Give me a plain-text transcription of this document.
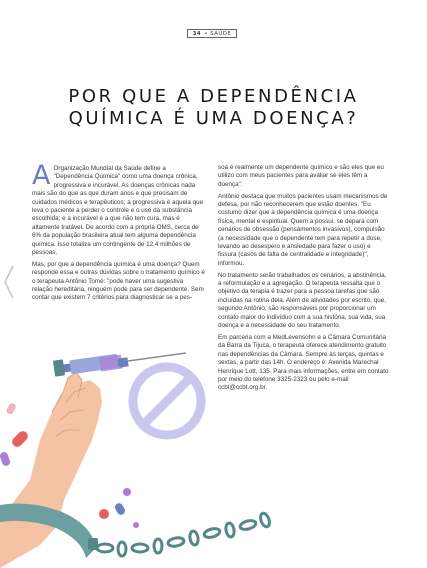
34 • SAÚDE
POR QUE A DEPENDÊNCIA
QUÍMICA É UMA DOENÇA?

A Organização Mundial da Saúde define a "Dependência Química" como uma doença crônica, progressiva e incurável. As doenças crônicas nada mais são do que as que duram anos e que precisam de cuidados médicos e terapêuticos; a progressiva é aquela que leva o paciente a perder o controle e o uso da substância escolhida; e a incurável é a que não tem cura, mas é altamente tratável. De acordo com a própria OMS, cerca de 6% da população brasileira atual tem alguma dependência química. Isso totaliza um contingente de 12,4 milhões de pessoas.

Mas, por que a dependência química é uma doença? Quem responde essa e outras dúvidas sobre o tratamento químico é o terapeuta Antônio Tomé: "pode haver uma sugestiva relação hereditária, ninguém pode para ser dependente. Sem contar que existem 7 critérios para diagnosticar se a pes-

soa é realmente um dependente químico e são eles que eu utilizo com meus pacientes para avaliar se eles têm a doença".

Antônio destaca que muitos pacientes usam mecanismos de defesa, por não reconhecerem que estão doentes. "Eu costumo dizer que a dependência química é uma doença física, mental e espiritual. Quem a possui, se depara com cenários de obsessão (pensamentos invasivos), compulsão (a necessidade que o dependente tem para repetir a dose, levando ao desespero e ansiedade para fazer o uso) e fissura (casos de falta de centralidade e integridade)", informou.

No tratamento serão trabalhados os cenários, a abstinência, a reformulação e a agregação. O terapeuta ressalta que o objetivo da terapia é trazer para a pessoa tarefas que são incluídas na rotina dela. Além de atividades por escrito, que, segundo Antônio, são responsáveis por proporcionar um contato maior do indivíduo com a sua história, sua vida, sua doença e a necessidade do seu tratamento.

Em parceria com a MedLevensohn e a Câmara Comunitária da Barra da Tijuca, o terapeuta oferece atendimento gratuito nas dependências da Câmara. Sempre às terças, quintas e sextas, a partir das 14h. O endereço é: Avenida Marechal Henrique Lott, 135. Para mais informações, entre em contato por meio do telefone 3325-2323 ou pelo e-mail ccbt@ccbt.org.br.
